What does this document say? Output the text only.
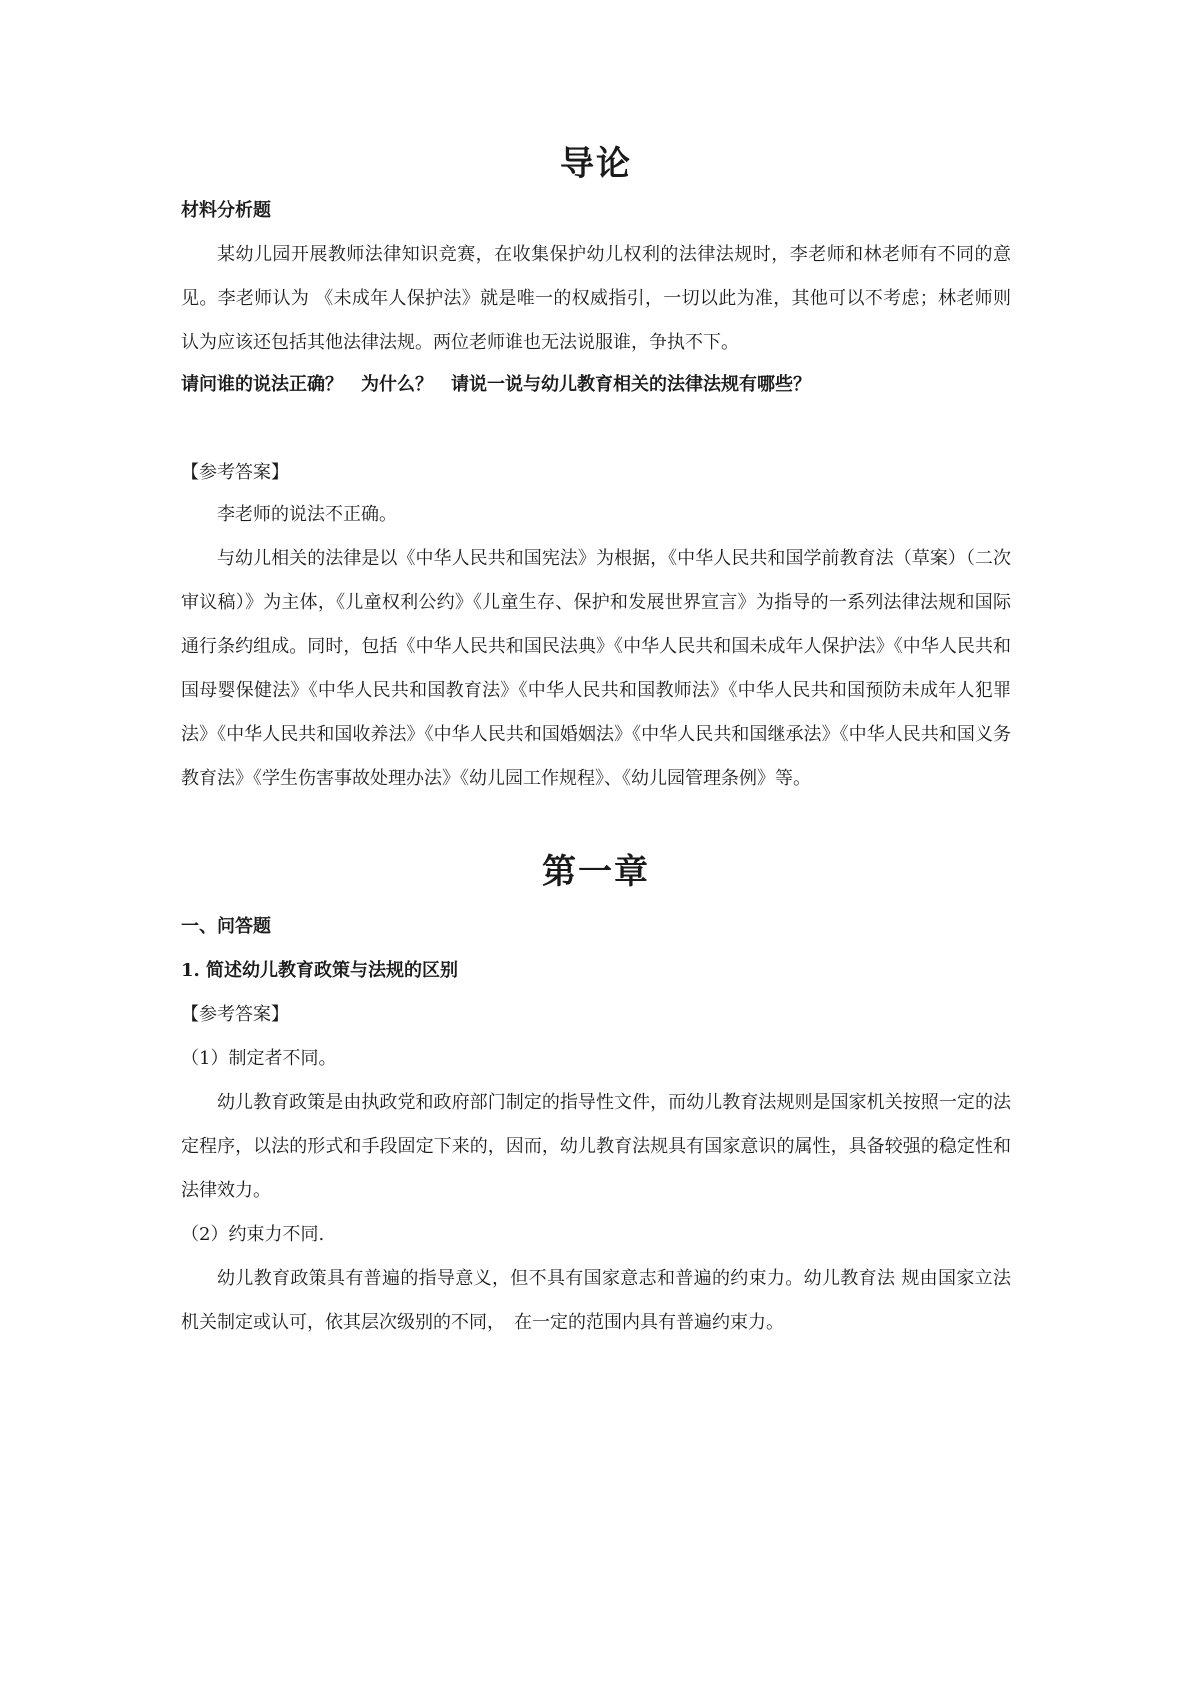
导论

材料分析题

某幼儿园开展教师法律知识竞赛，在收集保护幼儿权利的法律法规时，李老师和林老师有不同的意见。李老师认为 《未成年人保护法》就是唯一的权威指引，一切以此为准，其他可以不考虑；林老师则认为应该还包括其他法律法规。两位老师谁也无法说服谁，争执不下。

请问谁的说法正确？　为什么？　请说一说与幼儿教育相关的法律法规有哪些？

【参考答案】

李老师的说法不正确。

与幼儿相关的法律是以《中华人民共和国宪法》为根据，《中华人民共和国学前教育法（草案）（二次审议稿）》为主体，《儿童权利公约》《儿童生存、保护和发展世界宣言》为指导的一系列法律法规和国际通行条约组成。同时，包括《中华人民共和国民法典》《中华人民共和国未成年人保护法》《中华人民共和国母婴保健法》《中华人民共和国教育法》《中华人民共和国教师法》《中华人民共和国预防未成年人犯罪法》《中华人民共和国收养法》《中华人民共和国婚姻法》《中华人民共和国继承法》《中华人民共和国义务教育法》《学生伤害事故处理办法》《幼儿园工作规程》、《幼儿园管理条例》等。

第一章

一、问答题

1. 简述幼儿教育政策与法规的区别

【参考答案】

（1）制定者不同。

幼儿教育政策是由执政党和政府部门制定的指导性文件，而幼儿教育法规则是国家机关按照一定的法定程序，以法的形式和手段固定下来的，因而，幼儿教育法规具有国家意识的属性，具备较强的稳定性和法律效力。

（2）约束力不同.

幼儿教育政策具有普遍的指导意义，但不具有国家意志和普遍的约束力。幼儿教育法 规由国家立法机关制定或认可，依其层次级别的不同，　在一定的范围内具有普遍约束力。
